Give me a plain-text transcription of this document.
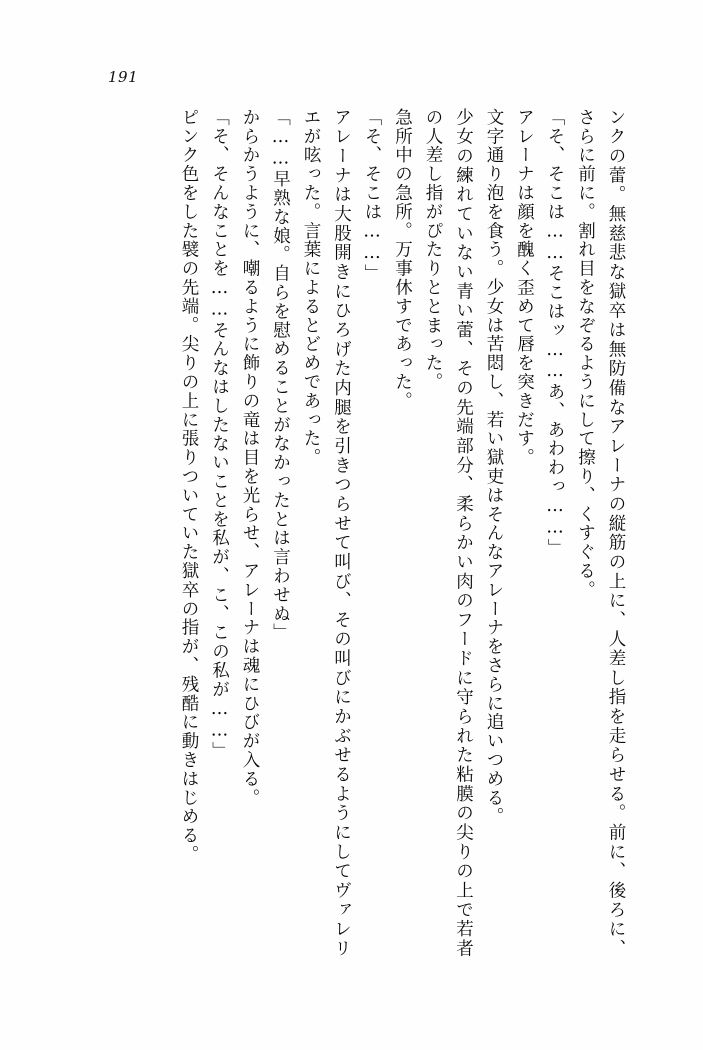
191
ンクの蕾。無慈悲な獄卒は無防備なアレーナの縦筋の上に、人差し指を走らせる。前に、後ろに、さらに前に。割れ目をなぞるようにして擦り、くすぐる。
「そ、そこは……そこはッ……あ、あわわっ……」
アレーナは顔を醜く歪めて唇を突きだす。
文字通り泡を食う。少女は苦悶し、若い獄吏はそんなアレーナをさらに追いつめる。
少女の練れていない青い蕾、その先端部分、柔らかい肉のフードに守られた粘膜の尖りの上で若者の人差し指がぴたりととまった。
急所中の急所。万事休すであった。
「そ、そこは……」
アレーナは大股開きにひろげた内腿を引きつらせて叫び、その叫びにかぶせるようにしてヴァレリエが呟った。言葉によるとどめであった。
「……早熟な娘。自らを慰めることがなかったとは言わせぬ」
からかうように、嘲るように飾りの竜は目を光らせ、アレーナは魂にひびが入る。
「そ、そんなことを……そんなはしたないことを私が、こ、この私が……」
ピンク色をした襞の先端。尖りの上に張りついていた獄卒の指が、残酷に動きはじめる。
